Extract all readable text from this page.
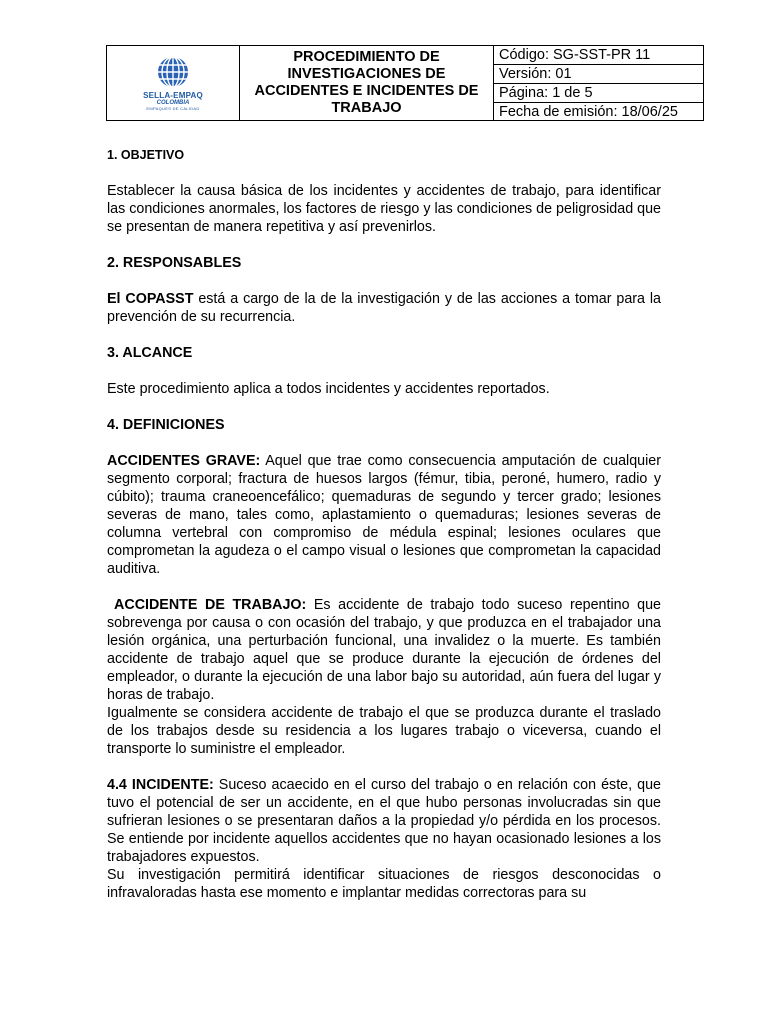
SELLA-EMPAQ
COLOMBIA
EMPAQUES DE CALIDAD
PROCEDIMIENTO DE INVESTIGACIONES DE ACCIDENTES E INCIDENTES DE TRABAJO
Código: SG-SST-PR 11
Versión: 01
Página: 1 de 5
Fecha de emisión: 18/06/25
1. OBJETIVO

Establecer la causa básica de los incidentes y accidentes de trabajo, para identificar las condiciones anormales, los factores de riesgo y las condiciones de peligrosidad que se presentan de manera repetitiva y así prevenirlos.

2. RESPONSABLES

El COPASST está a cargo de la de la investigación y de las acciones a tomar para la prevención de su recurrencia.

3. ALCANCE

Este procedimiento aplica a todos incidentes y accidentes reportados.

4. DEFINICIONES

ACCIDENTES GRAVE: Aquel que trae como consecuencia amputación de cualquier segmento corporal; fractura de huesos largos (fémur, tibia, peroné, humero, radio y cúbito); trauma craneoencefálico; quemaduras de segundo y tercer grado; lesiones severas de mano, tales como, aplastamiento o quemaduras; lesiones severas de columna vertebral con compromiso de médula espinal; lesiones oculares que comprometan la agudeza o el campo visual o lesiones que comprometan la capacidad auditiva.

ACCIDENTE DE TRABAJO: Es accidente de trabajo todo suceso repentino que sobrevenga por causa o con ocasión del trabajo, y que produzca en el trabajador una lesión orgánica, una perturbación funcional, una invalidez o la muerte. Es también accidente de trabajo aquel que se produce durante la ejecución de órdenes del empleador, o durante la ejecución de una labor bajo su autoridad, aún fuera del lugar y horas de trabajo.

Igualmente se considera accidente de trabajo el que se produzca durante el traslado de los trabajos desde su residencia a los lugares trabajo o viceversa, cuando el transporte lo suministre el empleador.

4.4 INCIDENTE: Suceso acaecido en el curso del trabajo o en relación con éste, que tuvo el potencial de ser un accidente, en el que hubo personas involucradas sin que sufrieran lesiones o se presentaran daños a la propiedad y/o pérdida en los procesos. Se entiende por incidente aquellos accidentes que no hayan ocasionado lesiones a los trabajadores expuestos.

Su investigación permitirá identificar situaciones de riesgos desconocidas o infravaloradas hasta ese momento e implantar medidas correctoras para su
